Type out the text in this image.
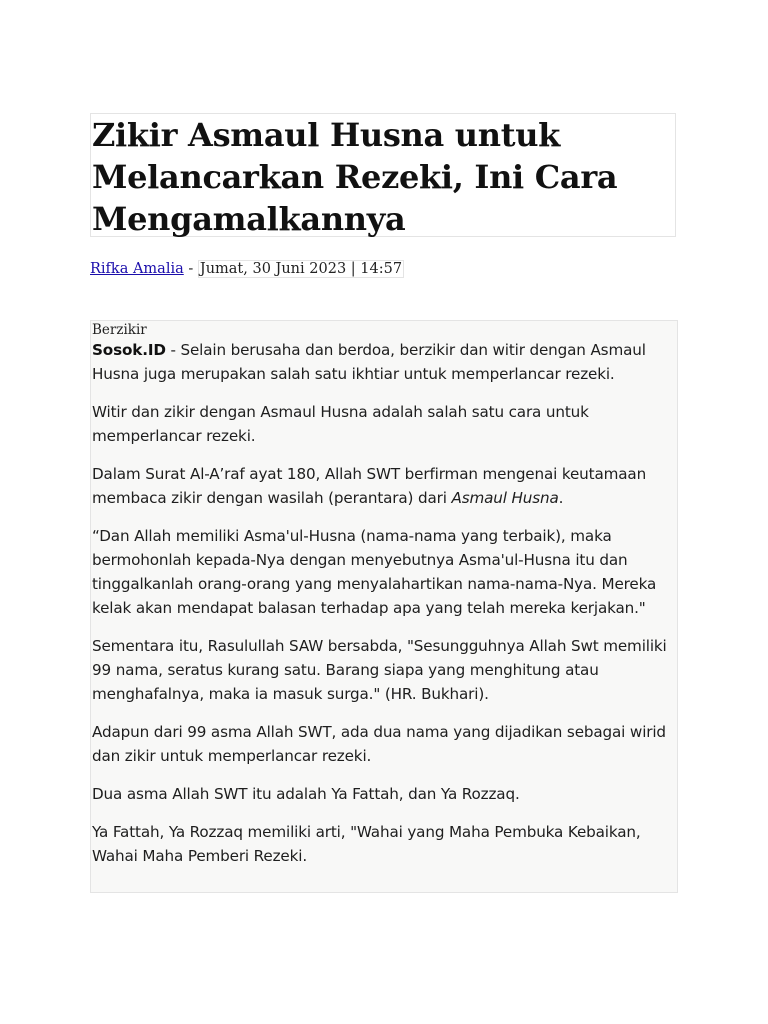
Zikir Asmaul Husna untuk Melancarkan Rezeki, Ini Cara Mengamalkannya
Rifka Amalia - Jumat, 30 Juni 2023 | 14:57
Berzikir

Sosok.ID - Selain berusaha dan berdoa, berzikir dan witir dengan Asmaul Husna juga merupakan salah satu ikhtiar untuk memperlancar rezeki.

Witir dan zikir dengan Asmaul Husna adalah salah satu cara untuk memperlancar rezeki.

Dalam Surat Al-A’raf ayat 180, Allah SWT berfirman mengenai keutamaan membaca zikir dengan wasilah (perantara) dari Asmaul Husna.

“Dan Allah memiliki Asma'ul-Husna (nama-nama yang terbaik), maka bermohonlah kepada-Nya dengan menyebutnya Asma'ul-Husna itu dan tinggalkanlah orang-orang yang menyalahartikan nama-nama-Nya. Mereka kelak akan mendapat balasan terhadap apa yang telah mereka kerjakan."

Sementara itu, Rasulullah SAW bersabda, "Sesungguhnya Allah Swt memiliki 99 nama, seratus kurang satu. Barang siapa yang menghitung atau menghafalnya, maka ia masuk surga." (HR. Bukhari).

Adapun dari 99 asma Allah SWT, ada dua nama yang dijadikan sebagai wirid dan zikir untuk memperlancar rezeki.

Dua asma Allah SWT itu adalah Ya Fattah, dan Ya Rozzaq.

Ya Fattah, Ya Rozzaq memiliki arti, "Wahai yang Maha Pembuka Kebaikan, Wahai Maha Pemberi Rezeki.
